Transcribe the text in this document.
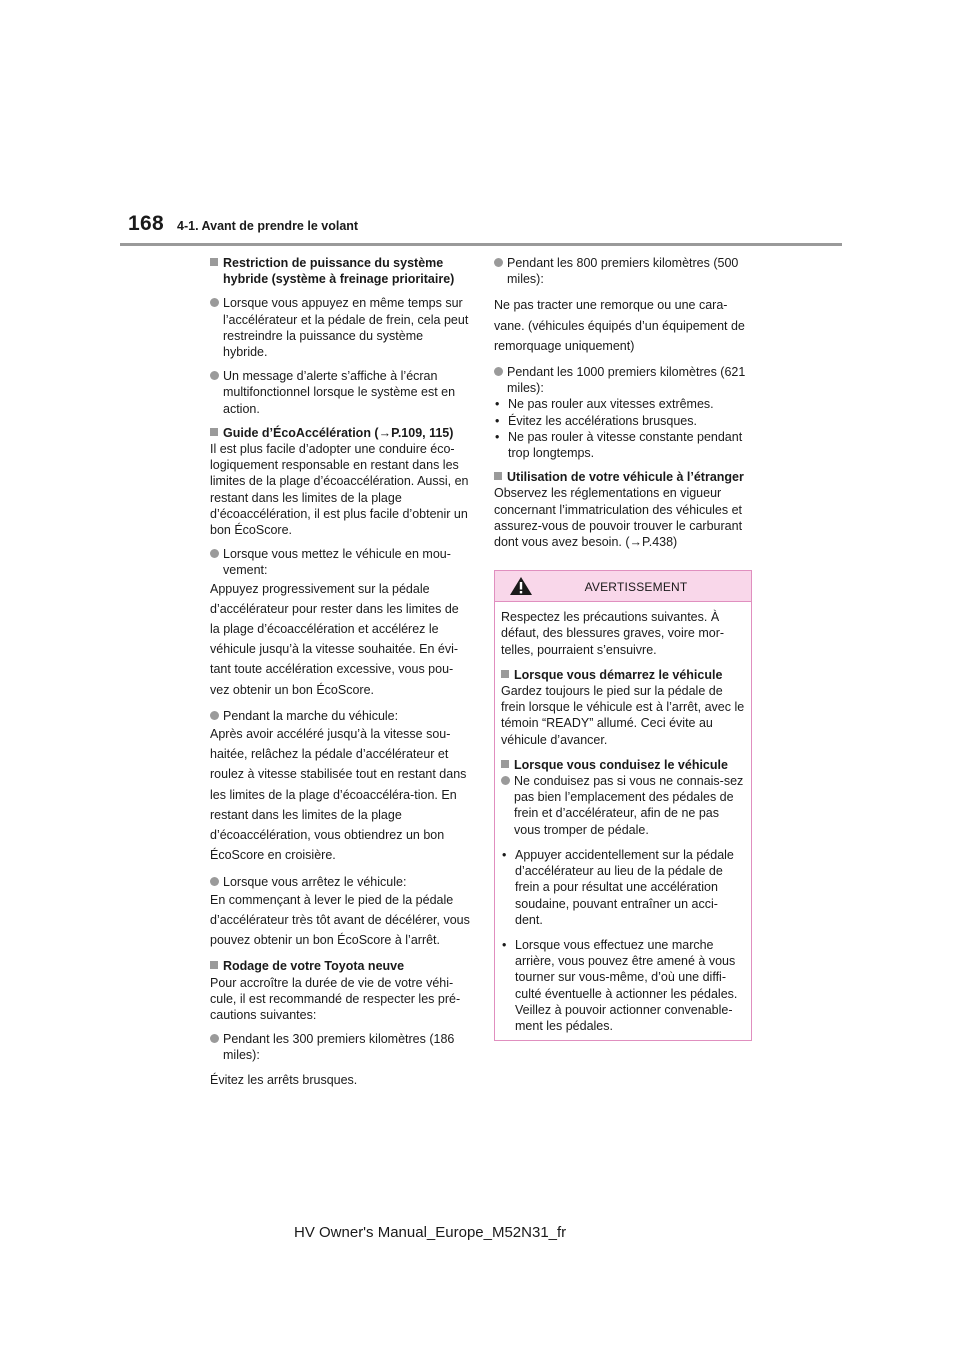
168 4-1. Avant de prendre le volant
Restriction de puissance du système hybride (système à freinage prioritaire)
Lorsque vous appuyez en même temps sur l’accélérateur et la pédale de frein, cela peut restreindre la puissance du système hybride.
Un message d’alerte s’affiche à l’écran multifonctionnel lorsque le système est en action.
Guide d’ÉcoAccélération (→P.109, 115)
Il est plus facile d’adopter une conduire éco-logiquement responsable en restant dans les limites de la plage d’écoaccélération. Aussi, en restant dans les limites de la plage d’écoaccélération, il est plus facile d’obtenir un bon ÉcoScore.
Lorsque vous mettez le véhicule en mou-vement:
Appuyez progressivement sur la pédale d’accélérateur pour rester dans les limites de la plage d’écoaccélération et accélérez le véhicule jusqu’à la vitesse souhaitée. En évi-tant toute accélération excessive, vous pou-vez obtenir un bon ÉcoScore.
Pendant la marche du véhicule:
Après avoir accéléré jusqu’à la vitesse sou-haitée, relâchez la pédale d’accélérateur et roulez à vitesse stabilisée tout en restant dans les limites de la plage d’écoaccéléra-tion. En restant dans les limites de la plage d’écoaccélération, vous obtiendrez un bon ÉcoScore en croisière.
Lorsque vous arrêtez le véhicule:
En commençant à lever le pied de la pédale d’accélérateur très tôt avant de décélérer, vous pouvez obtenir un bon ÉcoScore à l’arrêt.
Rodage de votre Toyota neuve
Pour accroître la durée de vie de votre véhi-cule, il est recommandé de respecter les pré-cautions suivantes:
Pendant les 300 premiers kilomètres (186 miles):
Évitez les arrêts brusques.
Pendant les 800 premiers kilomètres (500 miles):
Ne pas tracter une remorque ou une cara-vane. (véhicules équipés d’un équipement de remorquage uniquement)
Pendant les 1000 premiers kilomètres (621 miles):
• Ne pas rouler aux vitesses extrêmes.
• Évitez les accélérations brusques.
• Ne pas rouler à vitesse constante pendant trop longtemps.
Utilisation de votre véhicule à l’étranger
Observez les réglementations en vigueur concernant l’immatriculation des véhicules et assurez-vous de pouvoir trouver le carburant dont vous avez besoin. (→P.438)
AVERTISSEMENT
Respectez les précautions suivantes. À défaut, des blessures graves, voire mor-telles, pourraient s’ensuivre.
Lorsque vous démarrez le véhicule
Gardez toujours le pied sur la pédale de frein lorsque le véhicule est à l’arrêt, avec le témoin “READY” allumé. Ceci évite au véhicule d’avancer.
Lorsque vous conduisez le véhicule
Ne conduisez pas si vous ne connais-sez pas bien l’emplacement des pédales de frein et d’accélérateur, afin de ne pas vous tromper de pédale.
• Appuyer accidentellement sur la pédale d’accélérateur au lieu de la pédale de frein a pour résultat une accélération soudaine, pouvant entraîner un acci-dent.
• Lorsque vous effectuez une marche arrière, vous pouvez être amené à vous tourner sur vous-même, d’où une diffi-culté éventuelle à actionner les pédales. Veillez à pouvoir actionner convenable-ment les pédales.
HV Owner's Manual_Europe_M52N31_fr
